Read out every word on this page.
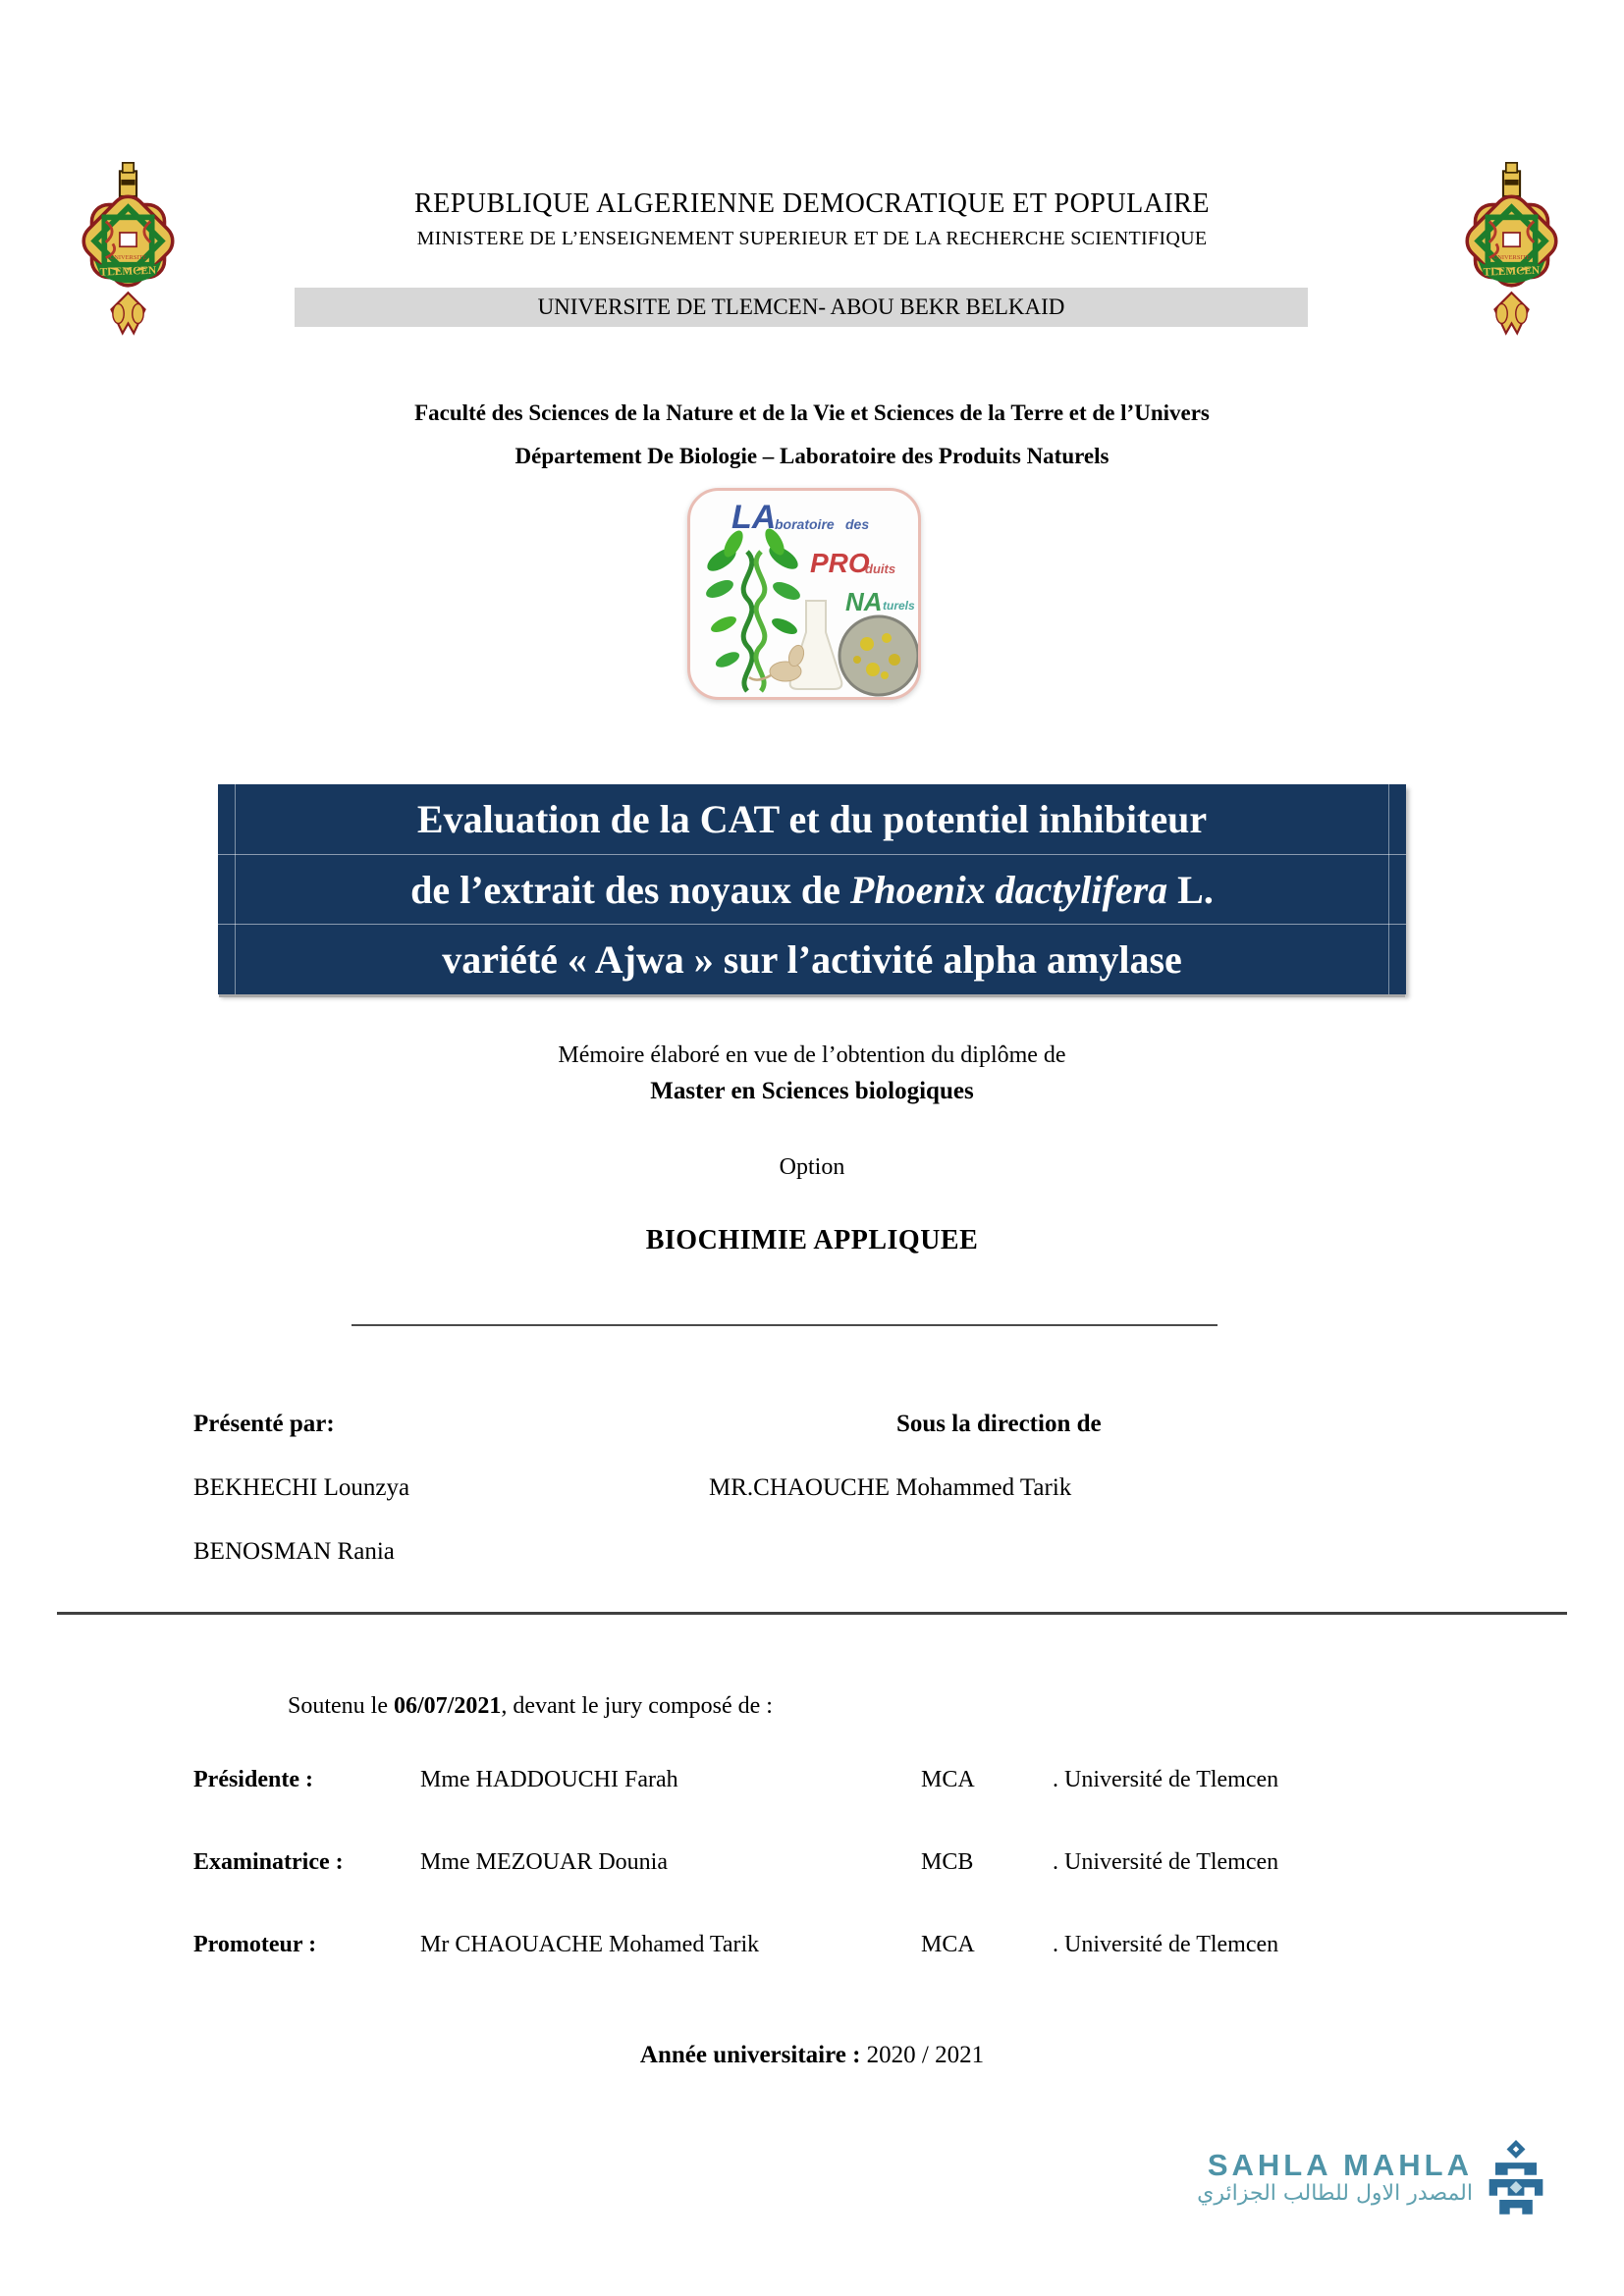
UNIVERSITE
TLEMCEN
UNIVERSITE
TLEMCEN
REPUBLIQUE ALGERIENNE DEMOCRATIQUE ET POPULAIRE
MINISTERE DE L’ENSEIGNEMENT SUPERIEUR ET DE LA RECHERCHE SCIENTIFIQUE
UNIVERSITE DE TLEMCEN- ABOU BEKR BELKAID
Faculté des Sciences de la Nature et de la Vie et Sciences de la Terre et de l’Univers
Département De Biologie – Laboratoire des Produits Naturels
LA
boratoire des
PRO
duits
NA turels
Evaluation de la CAT et du potentiel inhibiteur
de l’extrait des noyaux de Phoenix dactylifera L.
variété « Ajwa » sur l’activité alpha amylase
Mémoire élaboré en vue de l’obtention du diplôme de
Master en Sciences biologiques
Option
BIOCHIMIE APPLIQUEE
Présenté par:	Sous la direction de
BEKHECHI Lounzya	MR.CHAOUCHE Mohammed Tarik
BENOSMAN Rania
Soutenu le 06/07/2021, devant le jury composé de :
Présidente :	Mme HADDOUCHI Farah	MCA	. Université de Tlemcen
Examinatrice :	Mme MEZOUAR Dounia	MCB	. Université de Tlemcen
Promoteur :	Mr CHAOUACHE Mohamed Tarik	MCA	. Université de Tlemcen
Année universitaire : 2020 / 2021
SAHLA MAHLA
المصدر الاول للطالب الجزائري
